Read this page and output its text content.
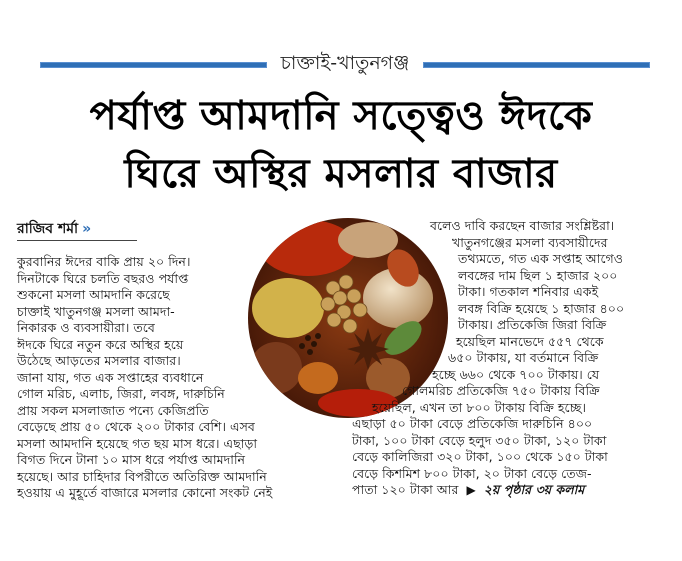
চাক্তাই-খাতুনগঞ্জ
পর্যাপ্ত আমদানি সত্ত্বেও ঈদকে
ঘিরে অস্থির মসলার বাজার
রাজিব শর্মা »
কুরবানির ঈদের বাকি প্রায় ২০ দিন।
দিনটাকে ঘিরে চলতি বছরও পর্যাপ্ত
শুকনো মসলা আমদানি করেছে
চাক্তাই খাতুনগঞ্জ মসলা আমদা-
নিকারক ও ব্যবসায়ীরা। তবে
ঈদকে ঘিরে নতুন করে অস্থির হয়ে
উঠেছে আড়তের মসলার বাজার।
জানা যায়, গত এক সপ্তাহের ব্যবধানে
গোল মরিচ, এলাচ, জিরা, লবঙ্গ, দারুচিনি
প্রায় সকল মসলাজাত পন্যে কেজিপ্রতি
বেড়েছে প্রায় ৫০ থেকে ২০০ টাকার বেশি। এসব
মসলা আমদানি হয়েছে গত ছয় মাস ধরে। এছাড়া
বিগত দিনে টানা ১০ মাস ধরে পর্যাপ্ত আমদানি
হয়েছে। আর চাহিদার বিপরীতে অতিরিক্ত আমদানি
হওয়ায় এ মুহূর্তে বাজারে মসলার কোনো সংকট নেই
বলেও দাবি করছেন বাজার সংশ্লিষ্টরা।
খাতুনগঞ্জের মসলা ব্যবসায়ীদের
তথ্যমতে, গত এক সপ্তাহ আগেও
লবঙ্গের দাম ছিল ১ হাজার ২০০
টাকা। গতকাল শনিবার একই
লবঙ্গ বিক্রি হয়েছে ১ হাজার ৪০০
টাকায়। প্রতিকেজি জিরা বিক্রি
হয়েছিল মানভেদে ৫৫৭ থেকে
৬৫০ টাকায়, যা বর্তমানে বিক্রি
হচ্ছে ৬৬০ থেকে ৭০০ টাকায়। যে
গোলমরিচ প্রতিকেজি ৭৫০ টাকায় বিক্রি
হয়েছিল, এখন তা ৮০০ টাকায় বিক্রি হচ্ছে।
এছাড়া ৫০ টাকা বেড়ে প্রতিকেজি দারুচিনি ৪০০
টাকা, ১০০ টাকা বেড়ে হলুদ ৩৫০ টাকা, ১২০ টাকা
বেড়ে কালিজিরা ৩২০ টাকা, ১০০ থেকে ১৫০ টাকা
বেড়ে কিশমিশ ৮০০ টাকা, ২০ টাকা বেড়ে তেজ-
পাতা ১২০ টাকা আর ▶ ২য় পৃষ্ঠার ৩য় কলাম
